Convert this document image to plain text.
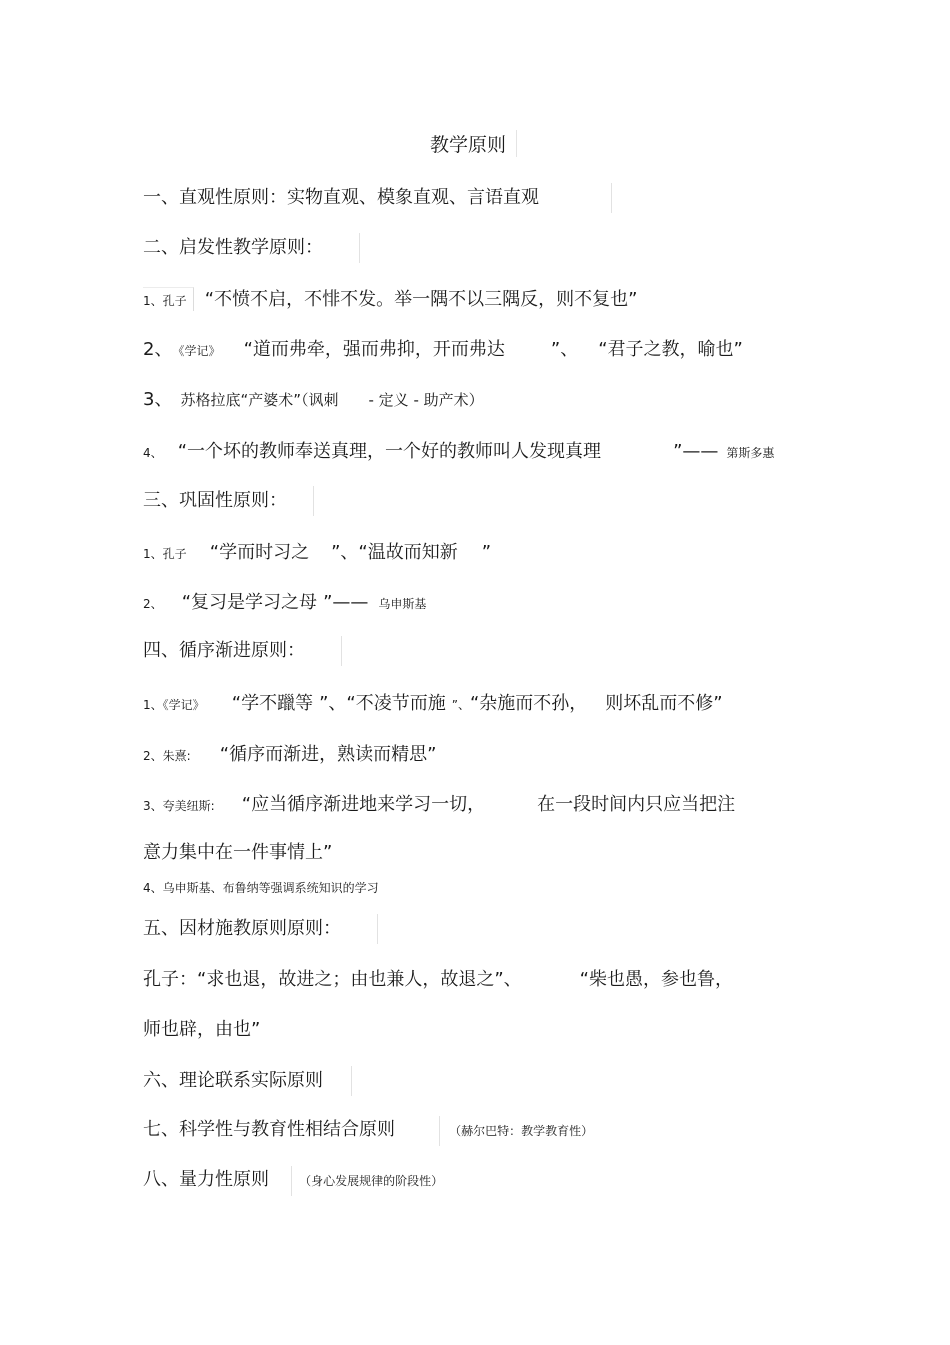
教学原则
一、直观性原则：实物直观、模象直观、言语直观
二、启发性教学原则：
1、孔子 “不愤不启，不悱不发。举一隅不以三隅反，则不复也”
2、 《学记》 “道而弗牵，强而弗抑，开而弗达	”、 “君子之教，喻也”
3、 苏格拉底“产婆术”（讽刺 - 定义 - 助产术）
4、 “一个坏的教师奉送真理，一个好的教师叫人发现真理	”—— 第斯多惠
三、巩固性原则：
1、孔子 “学而时习之 ”、“温故而知新 ”
2、 “复习是学习之母 ”—— 乌申斯基
四、循序渐进原则：
1、《学记》 “学不躐等 ”、“不凌节而施 ”、“杂施而不孙， 则坏乱而不修”
2、朱熹: “循序而渐进，熟读而精思”
3、夸美纽斯: “应当循序渐进地来学习一切，	在一段时间内只应当把注
意力集中在一件事情上”
4、乌申斯基、布鲁纳等强调系统知识的学习
五、因材施教原则原则：
孔子：“求也退，故进之；由也兼人，故退之”、	“柴也愚，参也鲁，
师也辟，由也”
六、理论联系实际原则
七、科学性与教育性相结合原则	（赫尔巴特：教学教育性）
八、量力性原则	（身心发展规律的阶段性）
